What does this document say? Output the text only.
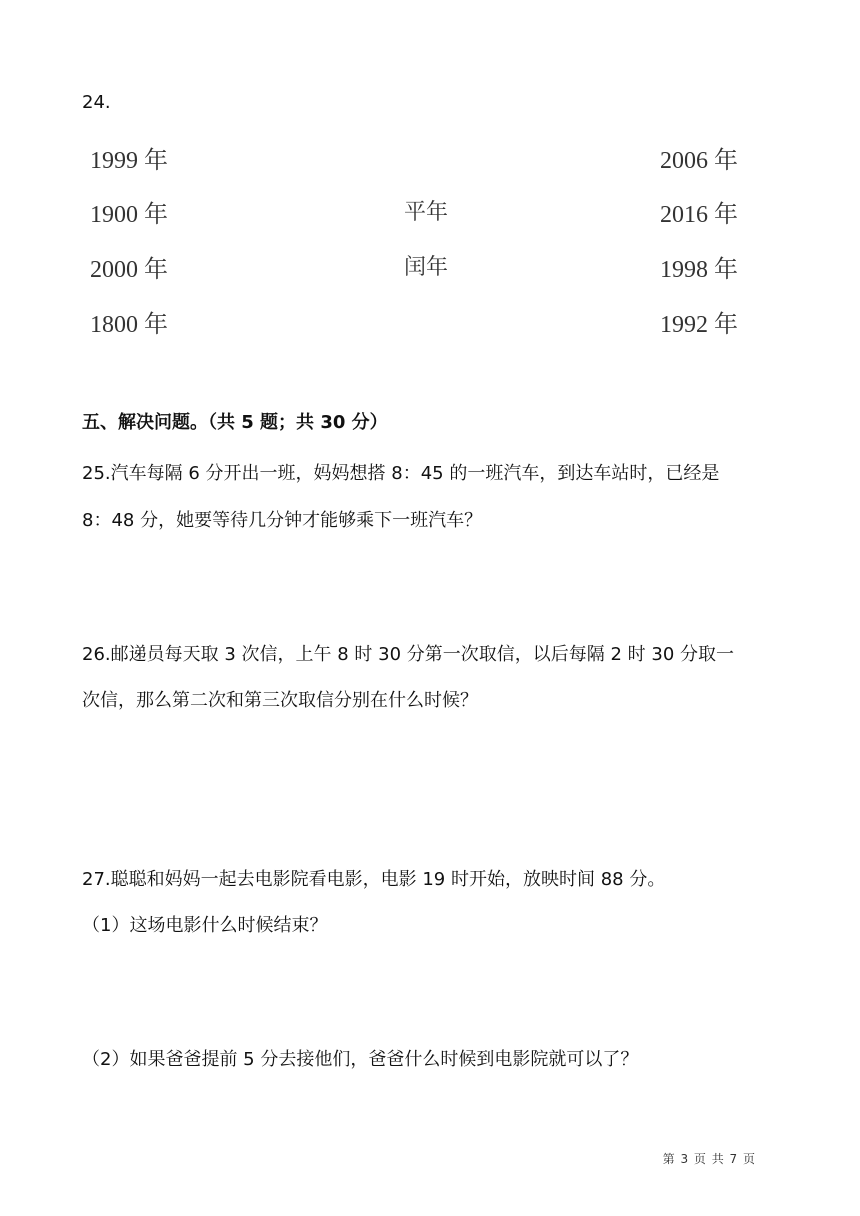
24.
1999 年
1900 年
2000 年
1800 年
平年
闰年
2006 年
2016 年
1998 年
1992 年
五、解决问题。（共 5 题；共 30 分）
25.汽车每隔 6 分开出一班，妈妈想搭 8：45 的一班汽车，到达车站时，已经是
8：48 分，她要等待几分钟才能够乘下一班汽车？
26.邮递员每天取 3 次信，上午 8 时 30 分第一次取信，以后每隔 2 时 30 分取一
次信，那么第二次和第三次取信分别在什么时候？
27.聪聪和妈妈一起去电影院看电影，电影 19 时开始，放映时间 88 分。
（1）这场电影什么时候结束？
（2）如果爸爸提前 5 分去接他们，爸爸什么时候到电影院就可以了？
第 3 页 共 7 页
